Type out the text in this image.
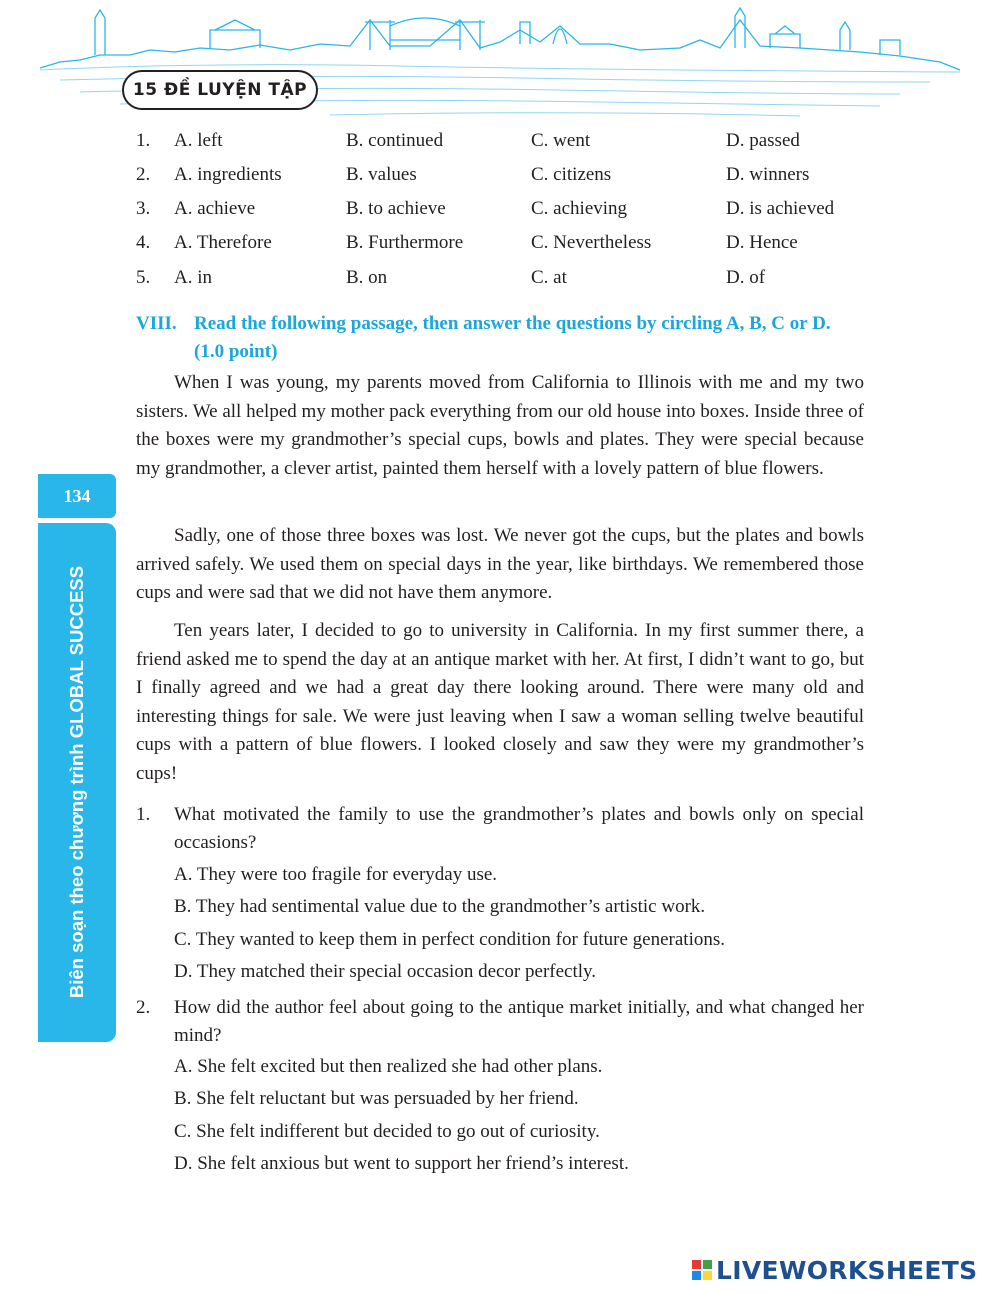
15 ĐỀ LUYỆN TẬP
134
Biên soạn theo chương trình GLOBAL SUCCESS
1. A. left	B. continued	C. went	D. passed
2. A. ingredients	B. values	C. citizens	D. winners
3. A. achieve	B. to achieve	C. achieving	D. is achieved
4. A. Therefore	B. Furthermore	C. Nevertheless	D. Hence
5. A. in	B. on	C. at	D. of
VIII. Read the following passage, then answer the questions by circling A, B, C or D.
(1.0 point)

When I was young, my parents moved from California to Illinois with me and my two sisters. We all helped my mother pack everything from our old house into boxes. Inside three of the boxes were my grandmother’s special cups, bowls and plates. They were special because my grandmother, a clever artist, painted them herself with a lovely pattern of blue flowers.

Sadly, one of those three boxes was lost. We never got the cups, but the plates and bowls arrived safely. We used them on special days in the year, like birthdays. We remembered those cups and were sad that we did not have them anymore.

Ten years later, I decided to go to university in California. In my first summer there, a friend asked me to spend the day at an antique market with her. At first, I didn’t want to go, but I finally agreed and we had a great day there looking around. There were many old and interesting things for sale. We were just leaving when I saw a woman selling twelve beautiful cups with a pattern of blue flowers. I looked closely and saw they were my grandmother’s cups!

1. What motivated the family to use the grandmother’s plates and bowls only on special occasions?
A. They were too fragile for everyday use.
B. They had sentimental value due to the grandmother’s artistic work.
C. They wanted to keep them in perfect condition for future generations.
D. They matched their special occasion decor perfectly.
2. How did the author feel about going to the antique market initially, and what changed her mind?
A. She felt excited but then realized she had other plans.
B. She felt reluctant but was persuaded by her friend.
C. She felt indifferent but decided to go out of curiosity.
D. She felt anxious but went to support her friend’s interest.
LIVEWORKSHEETS
